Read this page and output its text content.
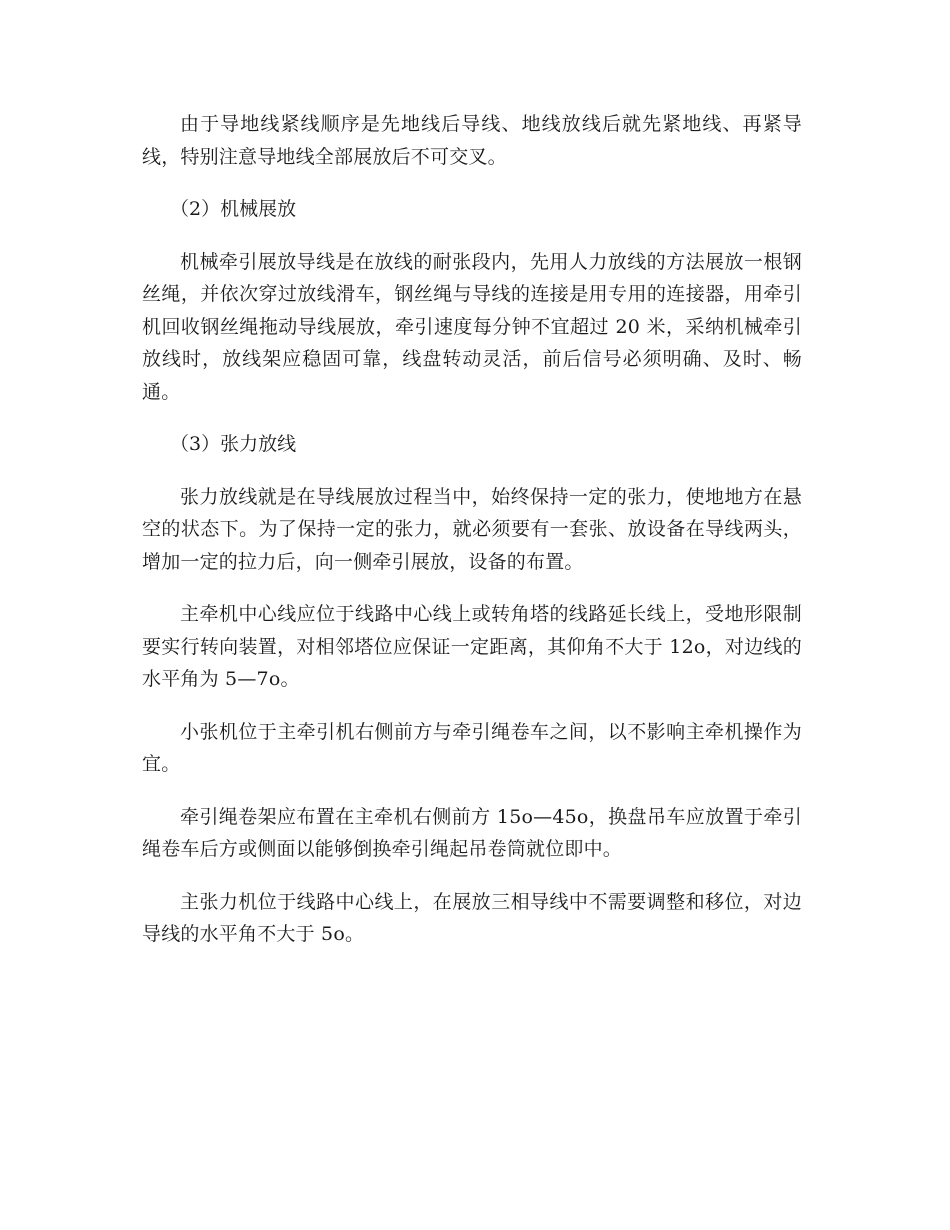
由于导地线紧线顺序是先地线后导线、地线放线后就先紧地线、再紧导线，特别注意导地线全部展放后不可交叉。

（2）机械展放

机械牵引展放导线是在放线的耐张段内，先用人力放线的方法展放一根钢丝绳，并依次穿过放线滑车，钢丝绳与导线的连接是用专用的连接器，用牵引机回收钢丝绳拖动导线展放，牵引速度每分钟不宜超过 20 米，采纳机械牵引放线时，放线架应稳固可靠，线盘转动灵活，前后信号必须明确、及时、畅通。

（3）张力放线

张力放线就是在导线展放过程当中，始终保持一定的张力，使地地方在悬空的状态下。为了保持一定的张力，就必须要有一套张、放设备在导线两头，增加一定的拉力后，向一侧牵引展放，设备的布置。

主牵机中心线应位于线路中心线上或转角塔的线路延长线上，受地形限制要实行转向装置，对相邻塔位应保证一定距离，其仰角不大于 12o，对边线的水平角为 5—7o。

小张机位于主牵引机右侧前方与牵引绳卷车之间，以不影响主牵机操作为宜。

牵引绳卷架应布置在主牵机右侧前方 15o—45o，换盘吊车应放置于牵引绳卷车后方或侧面以能够倒换牵引绳起吊卷筒就位即中。

主张力机位于线路中心线上，在展放三相导线中不需要调整和移位，对边导线的水平角不大于 5o。
